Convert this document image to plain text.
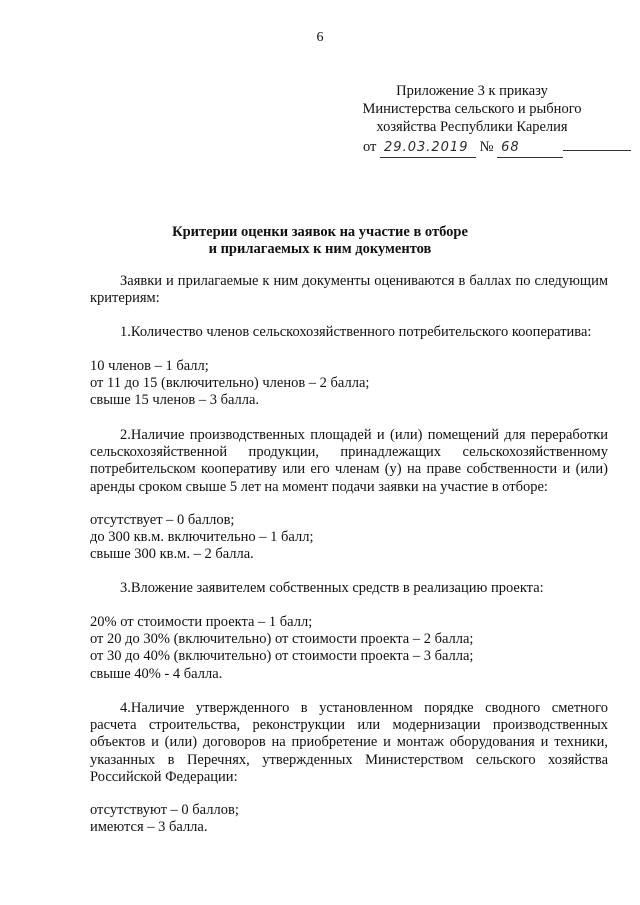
6
Приложение 3 к приказу
Министерства сельского и рыбного
хозяйства Республики Карелия
от 29.03.2019 № 68
Критерии оценки заявок на участие в отборе
и прилагаемых к ним документов
Заявки и прилагаемые к ним документы оцениваются в баллах по следующим критериям:
1.Количество членов сельскохозяйственного потребительского кооператива:
10 членов – 1 балл;
от 11 до 15 (включительно) членов – 2 балла;
свыше 15 членов – 3 балла.
2.Наличие производственных площадей и (или) помещений для переработки сельскохозяйственной продукции, принадлежащих сельскохозяйственному потребительском кооперативу или его членам (у) на праве собственности и (или) аренды сроком свыше 5 лет на момент подачи заявки на участие в отборе:
отсутствует – 0 баллов;
до 300 кв.м. включительно – 1 балл;
свыше 300 кв.м. – 2 балла.
3.Вложение заявителем собственных средств в реализацию проекта:
20% от стоимости проекта – 1 балл;
от 20 до 30% (включительно) от стоимости проекта – 2 балла;
от 30 до 40% (включительно) от стоимости проекта – 3 балла;
свыше 40% - 4 балла.
4.Наличие утвержденного в установленном порядке сводного сметного расчета строительства, реконструкции или модернизации производственных объектов и (или) договоров на приобретение и монтаж оборудования и техники, указанных в Перечнях, утвержденных Министерством сельского хозяйства Российской Федерации:
отсутствуют – 0 баллов;
имеются – 3 балла.
